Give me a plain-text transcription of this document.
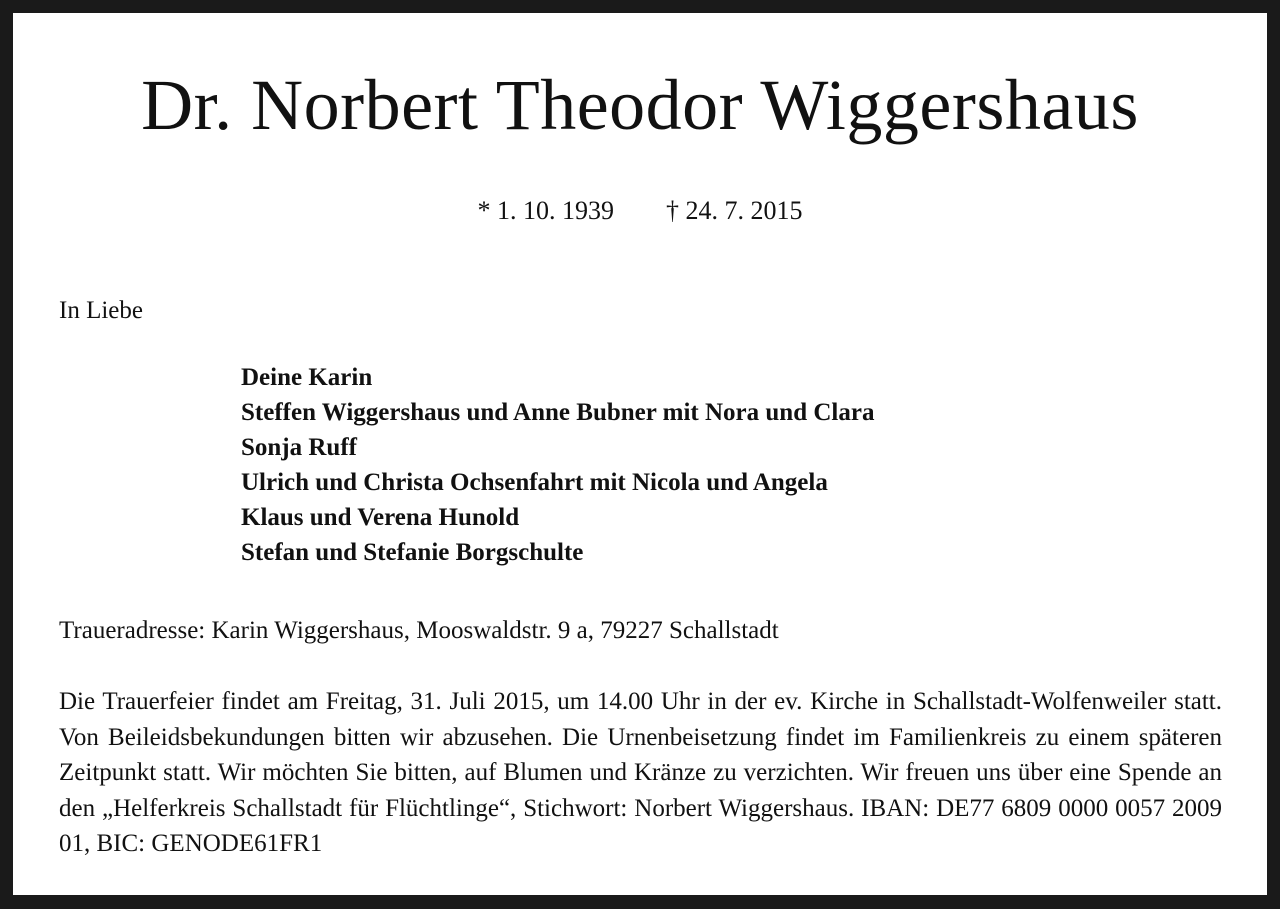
Dr. Norbert Theodor Wiggershaus
* 1. 10. 1939 † 24. 7. 2015
In Liebe
Deine Karin
Steffen Wiggershaus und Anne Bubner mit Nora und Clara
Sonja Ruff
Ulrich und Christa Ochsenfahrt mit Nicola und Angela
Klaus und Verena Hunold
Stefan und Stefanie Borgschulte
Traueradresse: Karin Wiggershaus, Mooswaldstr. 9 a, 79227 Schallstadt

Die Trauerfeier findet am Freitag, 31. Juli 2015, um 14.00 Uhr in der ev. Kirche in Schallstadt-Wolfenweiler statt. Von Beileidsbekundungen bitten wir abzusehen. Die Urnenbeisetzung findet im Familienkreis zu einem späteren Zeitpunkt statt. Wir möchten Sie bitten, auf Blumen und Kränze zu verzichten. Wir freuen uns über eine Spende an den „Helferkreis Schallstadt für Flüchtlinge“, Stichwort: Norbert Wiggershaus. IBAN: DE77 6809 0000 0057 2009 01, BIC: GENODE61FR1
